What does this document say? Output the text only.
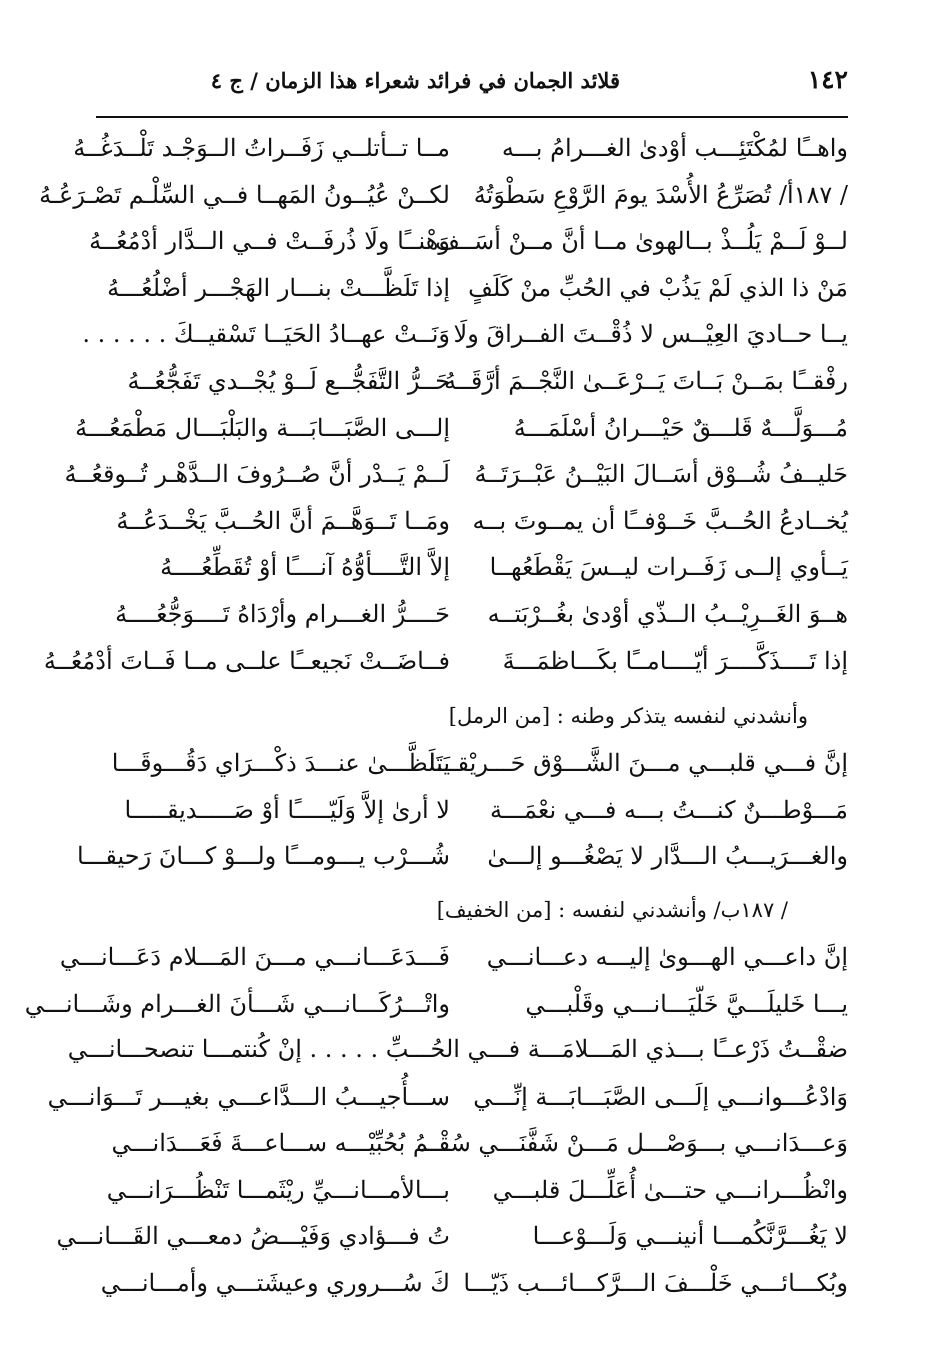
١٤٢
قلائد الجمان في فرائد شعراء هذا الزمان / ج ٤
واهــًا لمُكْتَئِـــب أوْدىٰ الغـــرامُ بـــه
مــا تــأتلــي زَفَــراتُ الــوَجْـد تَلْــدَغُــهُ
/ ١٨٧أ/ تُصَرِّعُ الأُسْدَ يومَ الرَّوْعِ سَطْوَتُهُ
لكــنْ عُيُــونُ المَهــا فــي السِّلْـم تَصْـرَعُـهُ
لــوْ لَــمْ يَلُــذْ بــالهوىٰ مــا أنَّ مــنْ أسَــف
وَهْنــًا ولَا ذُرفَــتْ فــي الــدَّار أدْمُعُــهُ
مَنْ ذا الذي لَمْ يَذُبْ في الحُبِّ منْ كَلَفٍ
إذا تَلَظَّـــتْ بنـــار الهَجْـــر أضْلُعُـــهُ
يــا حــاديَ العِيْــس لا ذُقْــتَ الفــراقَ ولَا
وَنَــتْ عهــادُ الحَيَــا تَسْقيــكَ . . . . . .
رفْقــًا بمَــنْ بَــاتَ يَــرْعَــىٰ النَّجْــمَ أرَّقَــهُ
حَــرُّ التَّفَجُّــع لَــوْ يُجْــدي تَفَجُّعُــهُ
مُـــوَلَّـــهٌ قَلـــقٌ حَيْـــرانُ أسْلَمَـــهُ
إلـــى الصَّبَـــابَـــة والبَلْبَـــال مَطْمَعُـــهُ
حَليــفُ شُــوْق أسَــالَ البَيْــنُ عَبْــرَتَــهُ
لَــمْ يَــدْر أنَّ صُــرُوفَ الــدَّهْـر تُــوقعُــهُ
يُخــادعُ الحُــبَّ خَــوْفــًا أن يمــوتَ بــه
ومَــا تَــوَهَّــمَ أنَّ الحُــبَّ يَخْــدَعُــهُ
يَــأوي إلــى زَفَــرات ليــسَ يَقْطَعُهــا
إلاَّ التَّــــأوُّهُ آنــــًا أوْ تُقَطِّعُــــهُ
هــوَ الغَــرِيْــبُ الــذّي أوْدىٰ بغُــرْبَتــه
حَــــرُّ الغـــرام وأرْدَاهُ تَــــوَجُّعُــــهُ
إذا تَــــذَكَّــــرَ أيّــــامــًا بكَـــاظمَـــةَ
فــاضَــتْ نَجيعــًا علــى مــا فَــاتَ أدْمُعُــهُ
وأنشدني لنفسه يتذكر وطنه : [من الرمل]
إنَّ فـــي قلبـــي مـــنَ الشَّـــوْق حَـــريْقـــا
يَتَلَظَّـــىٰ عنـــدَ ذكْـــرَاي دَقُـــوقَـــا
مَـــوْطـــنٌ كنـــتُ بـــه فـــي نعْمَـــة
لا أرىٰ إلاَّ وَلَيّـــــًا أوْ صَـــــديقـــــا
والغـــرَيـــبُ الـــدَّار لا يَصْغُـــو إلـــىٰ
شُـــرْب يـــومـــًا ولـــوْ كـــانَ رَحيقـــا
/ ١٨٧ب/ وأنشدني لنفسه : [من الخفيف]
إنَّ داعـــي الهـــوىٰ إليـــه دعـــانـــي
فَـــدَعَـــانـــي مـــنَ المَـــلام دَعَـــانـــي
يـــا خَليلَـــيَّ خَلّيَـــانـــي وقَلْبـــي
واتْـــرُكَـــانـــي شَـــأنَ الغـــرام وشَـــانـــي
ضقْــتُ ذَرْعــًا بـــذي المَـــلامَـــة فـــي الحُـــبِّ . . . . . إنْ كُنتمـــا تنصحـــانـــي
وَادْعُـــوانـــي إلَـــى الصَّبَـــابَـــة إنِّـــي
ســـأُجيـــبُ الـــدَّاعـــي بغيـــر تَـــوَانـــي
وَعـــدَانـــي بـــوَصْـــل مَـــنْ شَفَّنَـــي سُقْـــ
ـــمُ بُحُبِّيْـــه ســـاعـــةَ فَعَـــدَانـــي
وانْظُـــرانـــي حتـــىٰ أُعَلِّـــلَ قلبـــي
بـــالأمـــانـــيِّ ريْثَمـــا تَنْظُـــرَانـــي
لا يَغُـــرَّنَّكُمـــا أنينـــي وَلَـــوْعـــا
تُ فـــؤادي وَفَيْـــضُ دمعـــي القَـــانـــي
وبُكـــائـــي خَلْـــفَ الـــرَّكـــائـــب ذَيّـــا
كَ سُـــروري وعيشَتـــي وأمـــانـــي
